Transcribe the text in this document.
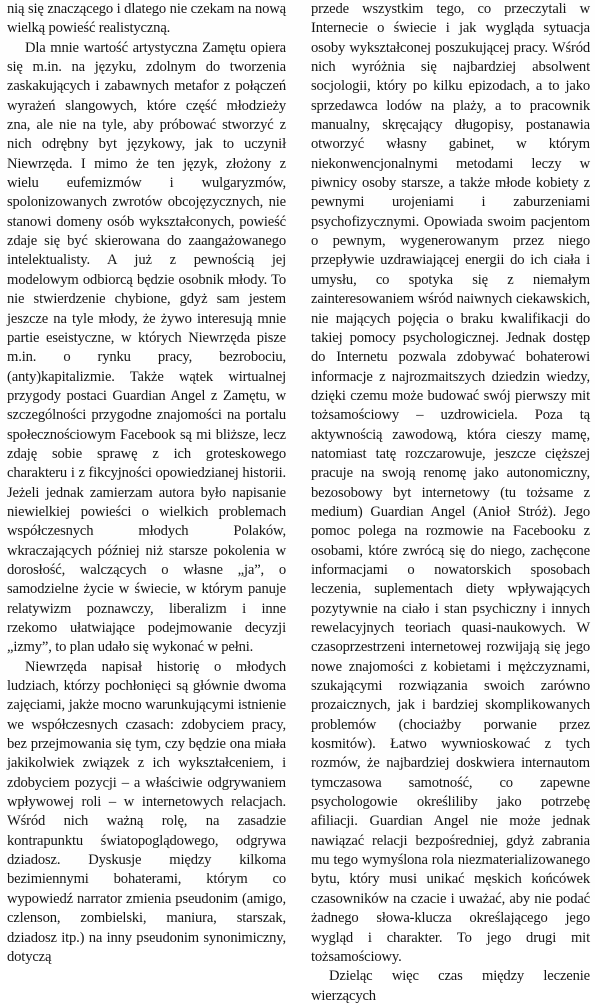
nią się znaczącego i dlatego nie czekam na nową wielką powieść realistyczną.

Dla mnie wartość artystyczna Zamętu opiera się m.in. na języku, zdolnym do tworzenia zaskakujących i zabawnych metafor z połączeń wyrażeń slangowych, które część młodzieży zna, ale nie na tyle, aby próbować stworzyć z nich odrębny byt językowy, jak to uczynił Niewrzęda. I mimo że ten język, złożony z wielu eufemizmów i wulgaryzmów, spolonizowanych zwrotów obcojęzycznych, nie stanowi domeny osób wykształconych, powieść zdaje się być skierowana do zaangażowanego intelektualisty. A już z pewnością jej modelowym odbiorcą będzie osobnik młody. To nie stwierdzenie chybione, gdyż sam jestem jeszcze na tyle młody, że żywo interesują mnie partie eseistyczne, w których Niewrzęda pisze m.in. o rynku pracy, bezrobociu, (anty)kapitalizmie. Także wątek wirtualnej przygody postaci Guardian Angel z Zamętu, w szczególności przygodne znajomości na portalu społecznościowym Facebook są mi bliższe, lecz zdaję sobie sprawę z ich groteskowego charakteru i z fikcyjności opowiedzianej historii. Jeżeli jednak zamierzam autora było napisanie niewielkiej powieści o wielkich problemach współczesnych młodych Polaków, wkraczających później niż starsze pokolenia w dorosłość, walczących o własne „ja”, o samodzielne życie w świecie, w którym panuje relatywizm poznawczy, liberalizm i inne rzekomo ułatwiające podejmowanie decyzji „izmy”, to plan udało się wykonać w pełni.

Niewrzęda napisał historię o młodych ludziach, którzy pochłonięci są głównie dwoma zajęciami, jakże mocno warunkującymi istnienie we współczesnych czasach: zdobyciem pracy, bez przejmowania się tym, czy będzie ona miała jakikolwiek związek z ich wykształceniem, i zdobyciem pozycji – a właściwie odgrywaniem wpływowej roli – w internetowych relacjach. Wśród nich ważną rolę, na zasadzie kontrapunktu światopoglądowego, odgrywa dziadosz. Dyskusje między kilkoma bezimiennymi bohaterami, którym co wypowiedź narrator zmienia pseudonim (amigo, czlenson, zombielski, maniura, starszak, dziadosz itp.) na inny pseudonim synonimiczny, dotyczą

przede wszystkim tego, co przeczytali w Internecie o świecie i jak wygląda sytuacja osoby wykształconej poszukującej pracy. Wśród nich wyróżnia się najbardziej absolwent socjologii, który po kilku epizodach, a to jako sprzedawca lodów na plaży, a to pracownik manualny, skręcający długopisy, postanawia otworzyć własny gabinet, w którym niekonwencjonalnymi metodami leczy w piwnicy osoby starsze, a także młode kobiety z pewnymi urojeniami i zaburzeniami psychofizycznymi. Opowiada swoim pacjentom o pewnym, wygenerowanym przez niego przepływie uzdrawiającej energii do ich ciała i umysłu, co spotyka się z niemałym zainteresowaniem wśród naiwnych ciekawskich, nie mających pojęcia o braku kwalifikacji do takiej pomocy psychologicznej. Jednak dostęp do Internetu pozwala zdobywać bohaterowi informacje z najrozmaitszych dziedzin wiedzy, dzięki czemu może budować swój pierwszy mit tożsamościowy – uzdrowiciela. Poza tą aktywnością zawodową, która cieszy mamę, natomiast tatę rozczarowuje, jeszcze cięższej pracuje na swoją renomę jako autonomiczny, bezosobowy byt internetowy (tu tożsame z medium) Guardian Angel (Anioł Stróż). Jego pomoc polega na rozmowie na Facebooku z osobami, które zwrócą się do niego, zachęcone informacjami o nowatorskich sposobach leczenia, suplementach diety wpływających pozytywnie na ciało i stan psychiczny i innych rewelacyjnych teoriach quasi-naukowych. W czasoprzestrzeni internetowej rozwijają się jego nowe znajomości z kobietami i mężczyznami, szukającymi rozwiązania swoich zarówno prozaicznych, jak i bardziej skomplikowanych problemów (chociażby porwanie przez kosmitów). Łatwo wywnioskować z tych rozmów, że najbardziej doskwiera internautom tymczasowa samotność, co zapewne psychologowie określiliby jako potrzebę afiliacji. Guardian Angel nie może jednak nawiązać relacji bezpośredniej, gdyż zabrania mu tego wymyślona rola niezmaterializowanego bytu, który musi unikać męskich końcówek czasowników na czacie i uważać, aby nie podać żadnego słowa-klucza określającego jego wygląd i charakter. To jego drugi mit tożsamościowy.

Dzieląc więc czas między leczenie wierzących
